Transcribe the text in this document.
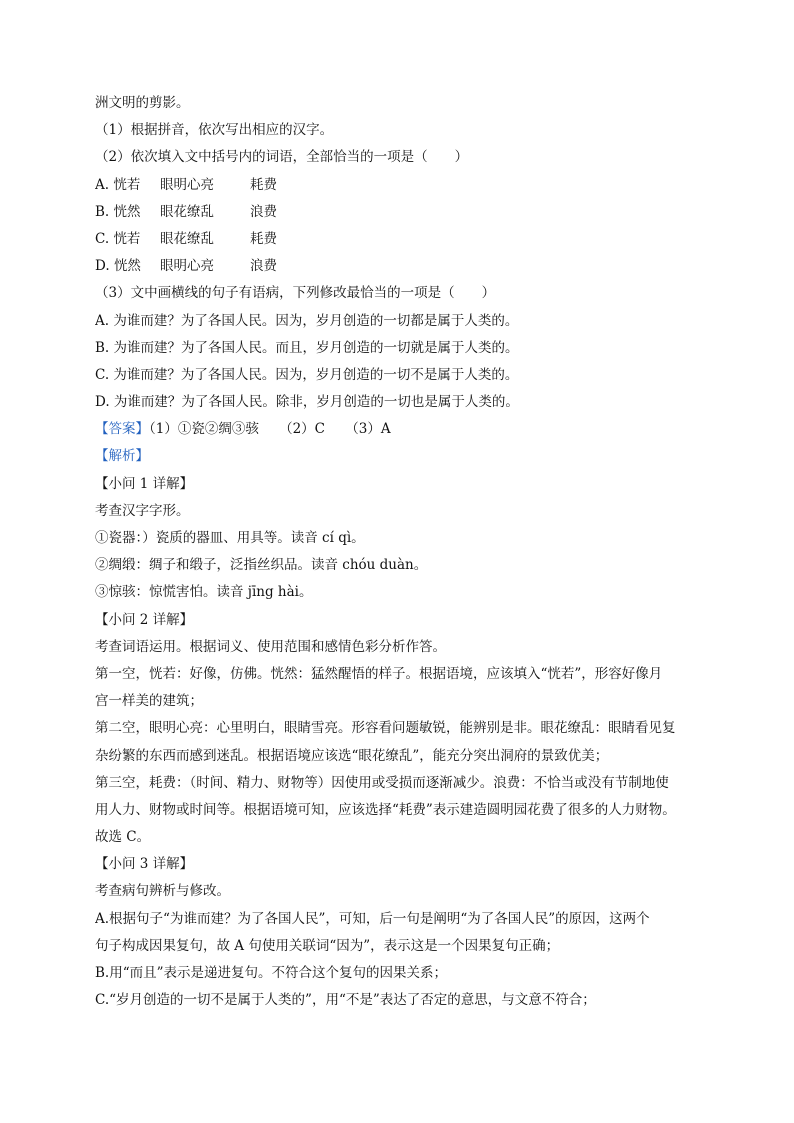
洲文明的剪影。
（1）根据拼音，依次写出相应的汉字。
（2）依次填入文中括号内的词语，全部恰当的一项是（　　）
A. 恍若 眼明心亮	耗费
B. 恍然 眼花缭乱	浪费
C. 恍若 眼花缭乱	耗费
D. 恍然 眼明心亮	浪费
（3）文中画横线的句子有语病，下列修改最恰当的一项是（　　）
A. 为谁而建？为了各国人民。因为，岁月创造的一切都是属于人类的。
B. 为谁而建？为了各国人民。而且，岁月创造的一切就是属于人类的。
C. 为谁而建？为了各国人民。因为，岁月创造的一切不是属于人类的。
D. 为谁而建？为了各国人民。除非，岁月创造的一切也是属于人类的。
【答案】（1）①瓷②绸③骇　　（2）C　　（3）A
【解析】
【小问 1 详解】
考查汉字字形。
①瓷器：）瓷质的器皿、用具等。读音 cí qì。
②绸缎：绸子和缎子，泛指丝织品。读音 chóu duàn。
③惊骇：惊慌害怕。读音 jīng hài。
【小问 2 详解】
考查词语运用。根据词义、使用范围和感情色彩分析作答。
第一空，恍若：好像，仿佛。恍然：猛然醒悟的样子。根据语境，应该填入“恍若”，形容好像月
宫一样美的建筑；
第二空，眼明心亮：心里明白，眼睛雪亮。形容看问题敏锐，能辨别是非。眼花缭乱：眼睛看见复
杂纷繁的东西而感到迷乱。根据语境应该选“眼花缭乱”，能充分突出洞府的景致优美；
第三空，耗费：（时间、精力、财物等）因使用或受损而逐渐减少。浪费：不恰当或没有节制地使
用人力、财物或时间等。根据语境可知，应该选择“耗费”表示建造圆明园花费了很多的人力财物。
故选 C。
【小问 3 详解】
考查病句辨析与修改。
A.根据句子“为谁而建？为了各国人民”，可知，后一句是阐明“为了各国人民”的原因，这两个
句子构成因果复句，故 A 句使用关联词“因为”，表示这是一个因果复句正确；
B.用“而且”表示是递进复句。不符合这个复句的因果关系；
C.“岁月创造的一切不是属于人类的”，用“不是”表达了否定的意思，与文意不符合；
